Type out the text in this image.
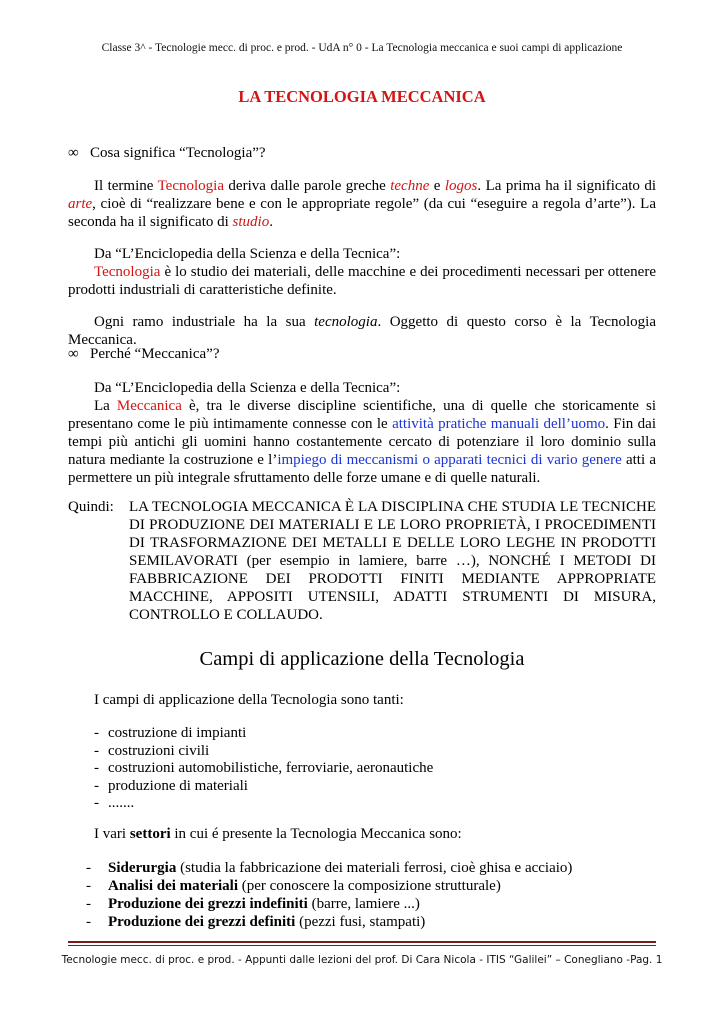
Classe 3^ - Tecnologie mecc. di proc. e prod. - UdA n° 0 - La Tecnologia meccanica e suoi campi di applicazione
LA TECNOLOGIA MECCANICA
∞ Cosa significa “Tecnologia”?
Il termine Tecnologia deriva dalle parole greche techne e logos. La prima ha il significato di arte, cioè di “realizzare bene e con le appropriate regole” (da cui “eseguire a regola d’arte”). La seconda ha il significato di studio.
Da “L’Enciclopedia della Scienza e della Tecnica”:
Tecnologia è lo studio dei materiali, delle macchine e dei procedimenti necessari per ottenere prodotti industriali di caratteristiche definite.
Ogni ramo industriale ha la sua tecnologia. Oggetto di questo corso è la Tecnologia Meccanica.
∞ Perché “Meccanica”?
Da “L’Enciclopedia della Scienza e della Tecnica”:
La Meccanica è, tra le diverse discipline scientifiche, una di quelle che storicamente si presentano come le più intimamente connesse con le attività pratiche manuali dell’uomo. Fin dai tempi più antichi gli uomini hanno costantemente cercato di potenziare il loro dominio sulla natura mediante la costruzione e l’impiego di meccanismi o apparati tecnici di vario genere atti a permettere un più integrale sfruttamento delle forze umane e di quelle naturali.
Quindi: LA TECNOLOGIA MECCANICA È LA DISCIPLINA CHE STUDIA LE TECNICHE DI PRODUZIONE DEI MATERIALI E LE LORO PROPRIETÀ, I PROCEDIMENTI DI TRASFORMAZIONE DEI METALLI E DELLE LORO LEGHE IN PRODOTTI SEMILAVORATI (per esempio in lamiere, barre …), NONCHÉ I METODI DI FABBRICAZIONE DEI PRODOTTI FINITI MEDIANTE APPROPRIATE MACCHINE, APPOSITI UTENSILI, ADATTI STRUMENTI DI MISURA, CONTROLLO E COLLAUDO.
Campi di applicazione della Tecnologia
I campi di applicazione della Tecnologia sono tanti:
- costruzione di impianti
- costruzioni civili
- costruzioni automobilistiche, ferroviarie, aeronautiche
- produzione di materiali
- .......
I vari settori in cui é presente la Tecnologia Meccanica sono:
- Siderurgia (studia la fabbricazione dei materiali ferrosi, cioè ghisa e acciaio)
- Analisi dei materiali (per conoscere la composizione strutturale)
- Produzione dei grezzi indefiniti (barre, lamiere ...)
- Produzione dei grezzi definiti (pezzi fusi, stampati)
Tecnologie mecc. di proc. e prod. - Appunti dalle lezioni del prof. Di Cara Nicola - ITIS “Galilei” – Conegliano -Pag. 1
